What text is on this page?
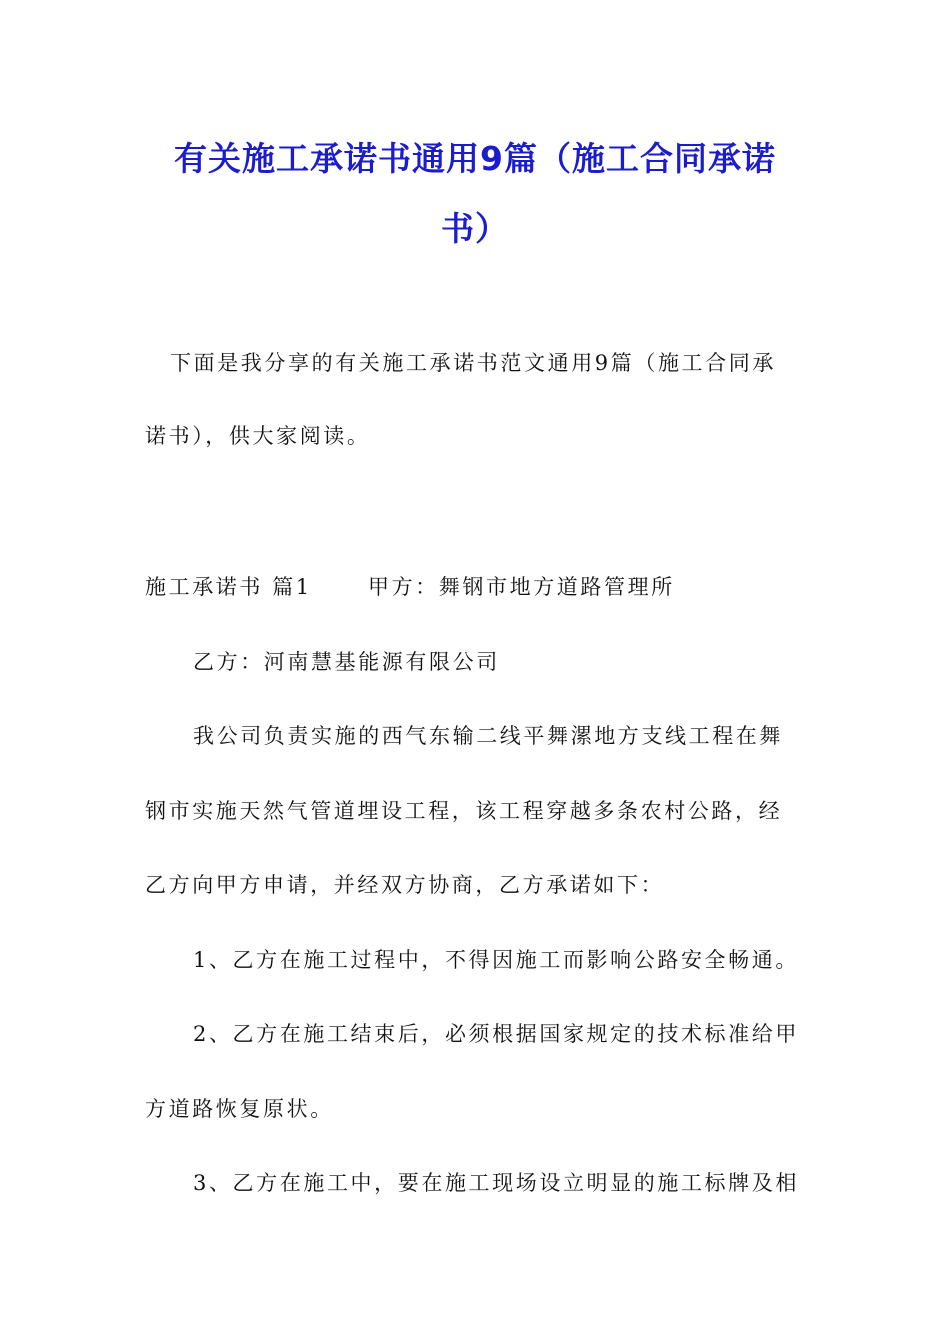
有关施工承诺书通用9篇（施工合同承诺
书）
下面是我分享的有关施工承诺书范文通用9篇（施工合同承
诺书），供大家阅读。
施工承诺书 篇1	甲方：舞钢市地方道路管理所
乙方：河南慧基能源有限公司
我公司负责实施的西气东输二线平舞漯地方支线工程在舞
钢市实施天然气管道埋设工程，该工程穿越多条农村公路，经
乙方向甲方申请，并经双方协商，乙方承诺如下：
1、乙方在施工过程中，不得因施工而影响公路安全畅通。
2、乙方在施工结束后，必须根据国家规定的技术标准给甲
方道路恢复原状。
3、乙方在施工中，要在施工现场设立明显的施工标牌及相
